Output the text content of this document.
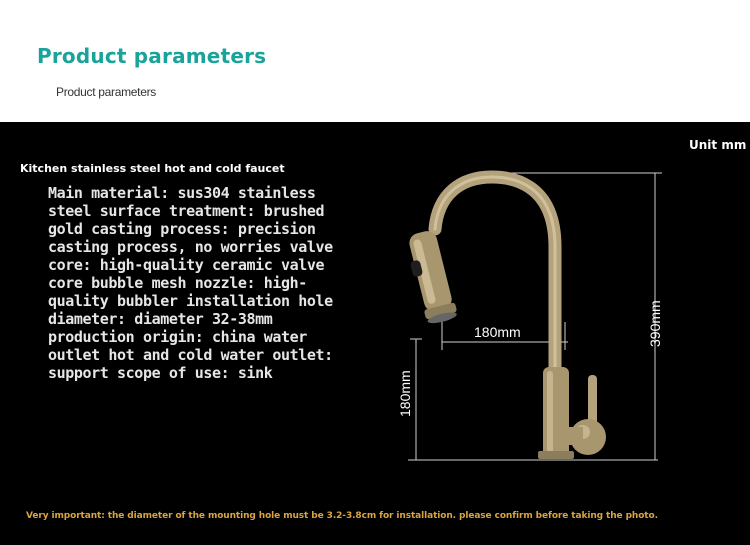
Product parameters
Product parameters
Unit mm
Kitchen stainless steel hot and cold faucet
Main material: sus304 stainless steel surface treatment: brushed gold casting process: precision casting process, no worries valve core: high-quality ceramic valve core bubble mesh nozzle: high-quality bubbler installation hole diameter: diameter 32-38mm production origin: china water outlet hot and cold water outlet: support scope of use: sink
180mm	390mm
180mm
Very important: the diameter of the mounting hole must be 3.2-3.8cm for installation. please confirm before taking the photo.
